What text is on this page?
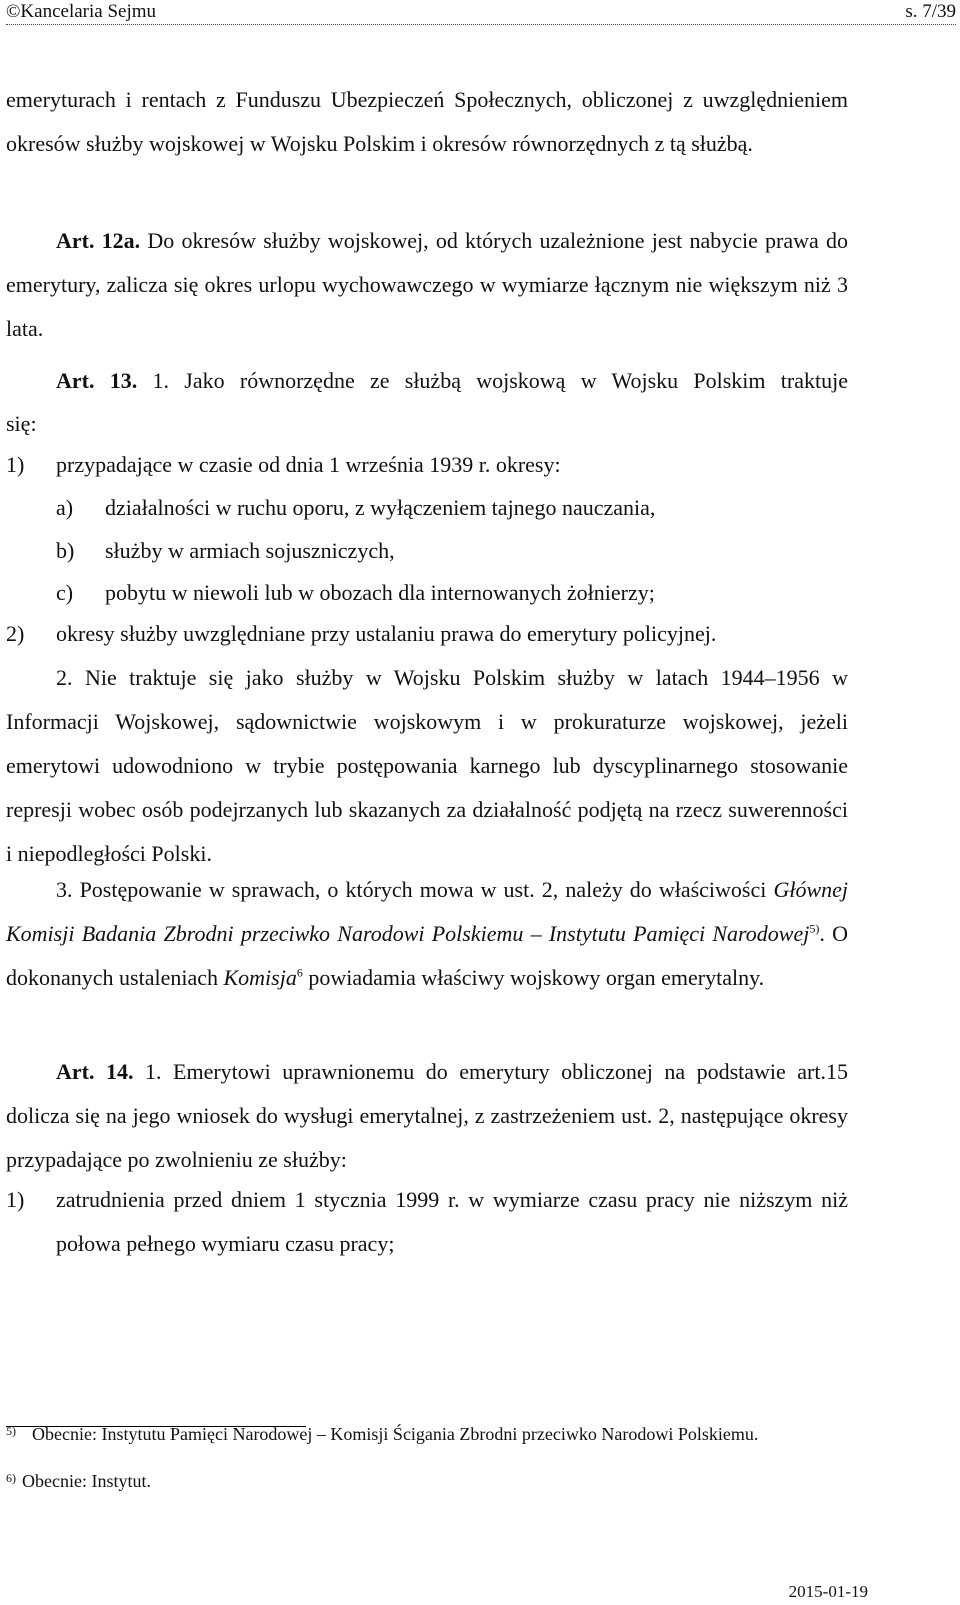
©Kancelaria Sejmu	s. 7/39

emeryturach i rentach z Funduszu Ubezpieczeń Społecznych, obliczonej z uwzględnieniem okresów służby wojskowej w Wojsku Polskim i okresów równorzędnych z tą służbą.

Art. 12a. Do okresów służby wojskowej, od których uzależnione jest nabycie prawa do emerytury, zalicza się okres urlopu wychowawczego w wymiarze łącznym nie większym niż 3 lata.

Art. 13. 1. Jako równorzędne ze służbą wojskową w Wojsku Polskim traktuje

się:

1) przypadające w czasie od dnia 1 września 1939 r. okresy:
a) działalności w ruchu oporu, z wyłączeniem tajnego nauczania,
b) służby w armiach sojuszniczych,
c) pobytu w niewoli lub w obozach dla internowanych żołnierzy;
2) okresy służby uwzględniane przy ustalaniu prawa do emerytury policyjnej.

2. Nie traktuje się jako służby w Wojsku Polskim służby w latach 1944–1956 w Informacji Wojskowej, sądownictwie wojskowym i w prokuraturze wojskowej, jeżeli emerytowi udowodniono w trybie postępowania karnego lub dyscyplinarnego stosowanie represji wobec osób podejrzanych lub skazanych za działalność podjętą na rzecz suwerenności i niepodległości Polski.

3. Postępowanie w sprawach, o których mowa w ust. 2, należy do właściwości Głównej Komisji Badania Zbrodni przeciwko Narodowi Polskiemu – Instytutu Pamięci Narodowej$^{5)}$. O dokonanych ustaleniach Komisja$^6$ powiadamia właściwy wojskowy organ emerytalny.

Art. 14. 1. Emerytowi uprawnionemu do emerytury obliczonej na podstawie art.15 dolicza się na jego wniosek do wysługi emerytalnej, z zastrzeżeniem ust. 2, następujące okresy przypadające po zwolnieniu ze służby:

1) zatrudnienia przed dniem 1 stycznia 1999 r. w wymiarze czasu pracy nie niższym niż połowa pełnego wymiaru czasu pracy;

5) Obecnie: Instytutu Pamięci Narodowej – Komisji Ścigania Zbrodni przeciwko Narodowi Polskiemu.
6) Obecnie: Instytut.
2015-01-19
